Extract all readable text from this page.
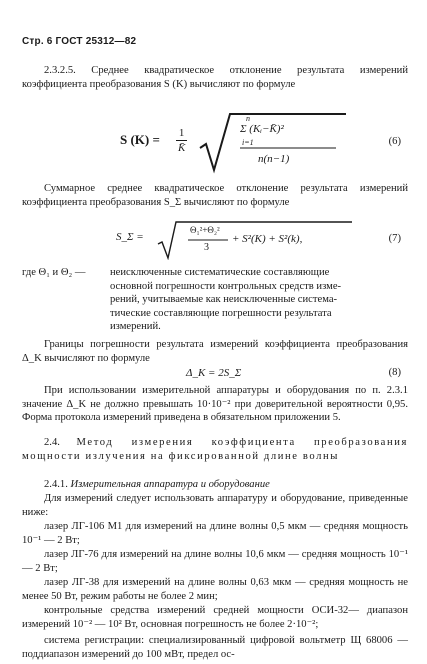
Стр. 6 ГОСТ 25312—82

2.3.2.5. Среднее квадратическое отклонение результата измерений коэффициента преобразования S (K) вычисляют по формуле

S $(K) = \frac{1}{K̄}$
n
Σ (Kᵢ−K̄)²
i=1
n(n−1)
(6)

Суммарное среднее квадратическое отклонение результата измерений коэффициента преобразования S_Σ вычисляют по формуле

S_Σ =
Θ₁²+Θ₂²
3
+ S²(K) + S²(k),	(7)
где Θ₁ и Θ₂ — неисключенные систематические составляющие
основной погрешности контрольных средств изме-
рений, учитываемые как неисключенные система-
тические составляющие погрешности результата
измерений.

Границы погрешности результата измерений коэффициента преобразования Δ_K вычисляют по формуле

Δ_K = 2S_Σ	(8)

При использовании измерительной аппаратуры и оборудования по п. 2.3.1 значение Δ_K не должно превышать 10·10⁻² при доверительной вероятности 0,95. Форма протокола измерений приведена в обязательном приложении 5.

2.4. Метод измерения коэффициента преобразования мощности излучения на фиксированной длине волны

2.4.1. Измерительная аппаратура и оборудование

Для измерений следует использовать аппаратуру и оборудование, приведенные ниже:

лазер ЛГ-106 М1 для измерений на длине волны 0,5 мкм — средняя мощность 10⁻¹ — 2 Вт;

лазер ЛГ-76 для измерений на длине волны 10,6 мкм — средняя мощность 10⁻¹ — 2 Вт;

лазер ЛГ-38 для измерений на длине волны 0,63 мкм — средняя мощность не менее 50 Вт, режим работы не более 2 мин;

контрольные средства измерений средней мощности ОСИ-32— диапазон измерений 10⁻² — 10² Вт, основная погрешность не более 2·10⁻²;

система регистрации: специализированный цифровой вольтметр Щ 68006 — поддиапазон измерений до 100 мВт, предел ос-
